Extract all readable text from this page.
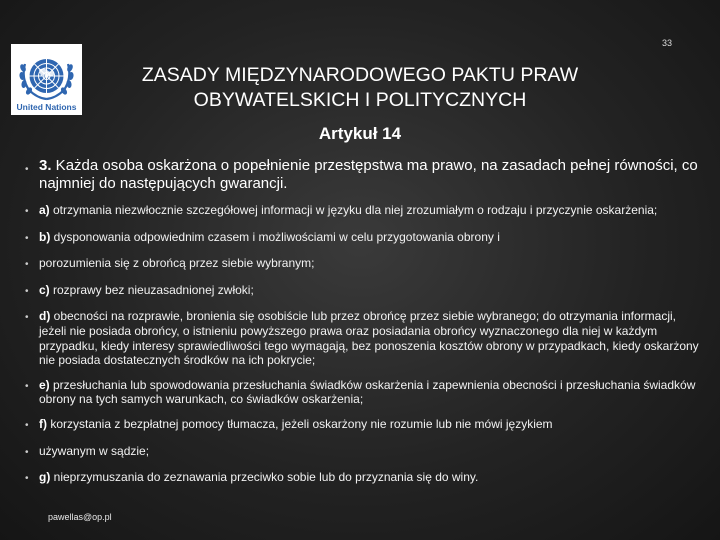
33
United Nations
ZASADY MIĘDZYNARODOWEGO PAKTU PRAW
OBYWATELSKICH I POLITYCZNYCH
Artykuł 14
• 3. Każda osoba oskarżona o popełnienie przestępstwa ma prawo, na zasadach pełnej równości, co najmniej do następujących gwarancji.
• a) otrzymania niezwłocznie szczegółowej informacji w języku dla niej zrozumiałym o rodzaju i przyczynie oskarżenia;
• b) dysponowania odpowiednim czasem i możliwościami w celu przygotowania obrony i
• porozumienia się z obrońcą przez siebie wybranym;
• c) rozprawy bez nieuzasadnionej zwłoki;
• d) obecności na rozprawie, bronienia się osobiście lub przez obrońcę przez siebie wybranego; do otrzymania informacji, jeżeli nie posiada obrońcy, o istnieniu powyższego prawa oraz posiadania obrońcy wyznaczonego dla niej w każdym przypadku, kiedy interesy sprawiedliwości tego wymagają, bez ponoszenia kosztów obrony w przypadkach, kiedy oskarżony nie posiada dostatecznych środków na ich pokrycie;
• e) przesłuchania lub spowodowania przesłuchania świadków oskarżenia i zapewnienia obecności i przesłuchania świadków obrony na tych samych warunkach, co świadków oskarżenia;
• f) korzystania z bezpłatnej pomocy tłumacza, jeżeli oskarżony nie rozumie lub nie mówi językiem
• używanym w sądzie;
• g) nieprzymuszania do zeznawania przeciwko sobie lub do przyznania się do winy.
pawellas@op.pl
